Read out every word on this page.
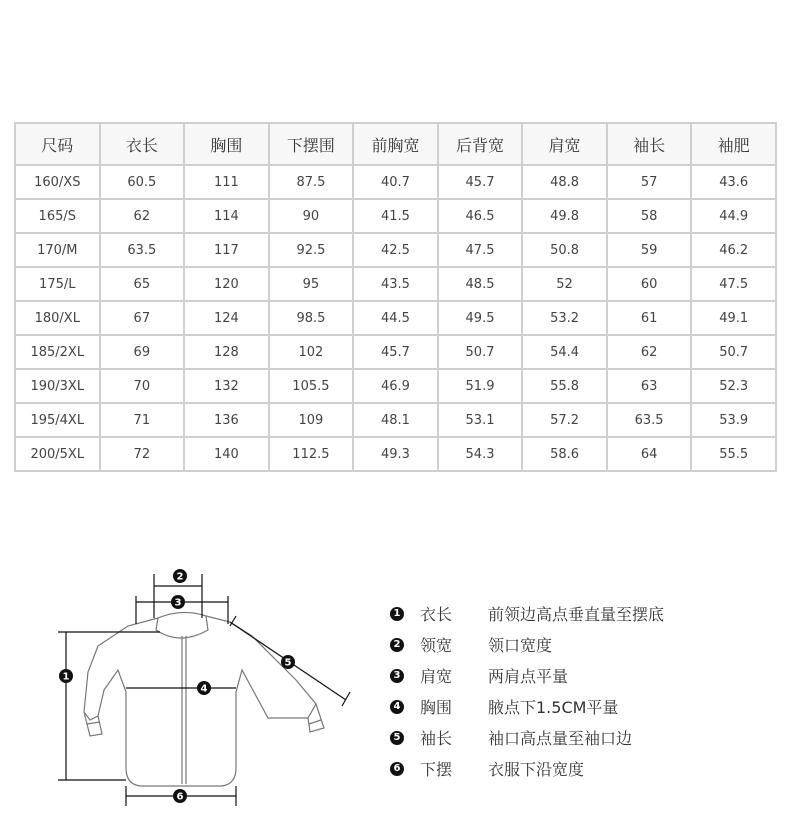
尺码	衣长	胸围	下摆围	前胸宽	后背宽	肩宽	袖长	袖肥
160/XS	60.5	111	87.5	40.7	45.7	48.8	57	43.6
165/S	62	114	90	41.5	46.5	49.8	58	44.9
170/M	63.5	117	92.5	42.5	47.5	50.8	59	46.2
175/L	65	120	95	43.5	48.5	52	60	47.5
180/XL	67	124	98.5	44.5	49.5	53.2	61	49.1
185/2XL	69	128	102	45.7	50.7	54.4	62	50.7
190/3XL	70	132	105.5	46.9	51.9	55.8	63	52.3
195/4XL	71	136	109	48.1	53.1	57.2	63.5	53.9
200/5XL	72	140	112.5	49.3	54.3	58.6	64	55.5
1
2
3
4
5
6
1 衣长	前领边高点垂直量至摆底
2 领宽	领口宽度
3 肩宽	两肩点平量
4 胸围	腋点下1.5CM平量
5 袖长	袖口高点量至袖口边
6 下摆	衣服下沿宽度
